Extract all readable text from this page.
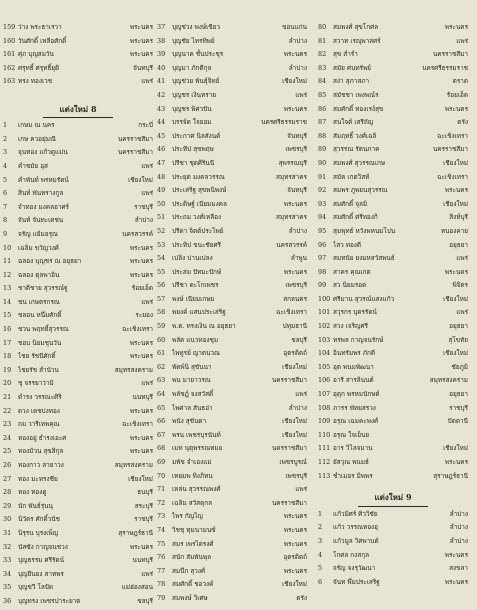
159 ว่าง พระธาเรวา	พระนคร
160 วันศักดิ์ เหลือศักดิ์	พระนคร
161 ศุภ บุญสมวัน	พระนคร
162 ศรุทธิ์ ศรุทธิ์ยุติ	จันทบุรี
163 ทรง ทองเวช	แพร่
แต่งใหม่ 8
1	เกษม ณ นคร	กระบี่
2	เกษ ควอยุ่มณี	นครราชสีมา
3	จุนทอง แก้วดูแม่น	นครราชสีมา
4	คำชมัย อุส	แพร่
5	คำพันท์ พรหมรัตน์	เชียงใหม่
6	สินท์ พันทรางกูล	แพร่
7	จำทอง มงคลอาศร์	ราชบุรี
8	จันท์ จันทะเดชน	ลำปาง
9	จรัญ แย้มอรุณ	นครสวรรค์
10	เฉลิม ขวัญวงศ์	พระนคร
11	ฉลอง บุญชร ณ อยุธยา	พระนคร
12	ฉลอง ตุลพาอิน	พระนคร
13	ชาติชาย สุวรรณ์ฐู	ร้อยเอ็ด
14	ชน เกษตรกรณ	แพร่
15	ชลอน หนึ่มศักดิ์	ระยอง
16	ชวน พฤทธิ์สุวรรณ	ฉะเชิงเทรา
17	ชอบ นิยมชุนวัน	พระนคร
18	ไชย รัชนีศักดิ์	พระนคร
19	ไชยรัช สำนัวน	สมุทรสงคราม
20	ชุ จรรยาว่ามิ	แพร่
21	ดำรง วรรณะศิริ	นนทบุรี
22	ดวง เดชบ่งทอง	พระนคร
23	ถม วารีเทพคุณ	ฉะเชิงเทรา
24	ทองอยู่ ธำรงเอะศ	พระนคร
25	ทองม้วน สุขสิกุล	พระนคร
26	ทองกาว สายาวง	สมุทรสงคราม
27	ทอง มะทรงชีย	เชียงใหม่
28	ทอง ทองดู	ธนบุรี
29	นัก พันธ์รุ่นนุ	สระบุรี
30	นิวัตร ศักดิ์วนัช	ราชบุรี
31	นิรุรน บุรงเพ็ญ	สุราษฎร์ธานี
32	นัสซัง กาญจนชวง	พระนคร
33	บุญธรรม ศรีรัตน์	นนทบุรี
34	บุญยืนยง สาทพร	แพร่
35	บุญชวี โลปัด	แม่ฮ่องสอน
36	บุญทรง เพชรปาระยาต	ชลบุรี
37	บุญช่วง พงษ์เขียว	ขอนแก่น
38	บุญชัย ไทรทิพย์	ลำปาง
39	บุญนาค ชั้นประชุร	พระนคร
40	บุญมา ภักดีกุล	ลำปาง
41	บุญช่วย พันธุ์จิทย์	เชียงใหม่
42	บุญชร เงินทราย	แพร่
43	บุญชร พิศวปัน	พระนคร
44	บรรจ์ด ใจยอม	นครศรีธรรมราช
45	ประกาศ นิลสังนต์	จันทบุรี
46	ประทีป สุขพฤษ	เพชรบุรี
47	ปรีชา ชุดศิรินนี	สุพรรณบุรี
48	ประยุต มงคลวรรณ	สมุทรสาคร
49	ประเสริฐ สุขพนิพงษ์	จันทบุรี
50	ประดิษฐ์ เนียมมงคล	พระนคร
51	ประถม วงศ์เหลือง	สมุทรสาคร
52	ปรีดา จิตต์ประไพย์	ลำปาง
53	ประทิป ขนะชัยศรี	นครสวรรค์
54	เปลิง ปานเปลง	ลำพูน
55	ประสม ปัทมะปักษ์	พระนคร
56	ปรีชา ตะโกเพชร	เพชรบุรี
57	พงษ์ เนียมเกษม	สกลนคร
58	พยงค์ แสนประเสริฐ	ฉะเชิงเทรา
59	พ.ต. ทรงเงิน ณ อยุธยา	ปทุมธานี
60	พลัด แนวทองชุม	ชลบุรี
61	ไพทูรย์ ญาตนวณ	อุตรดิตถ์
62	พัดพ์นิ สุขันนา	เชียงใหม่
63	พน มายาวรณ	นครราชสีมา
64	พลัชฎ์ จงสวัสดิ์	แพร่
65	ไพศาล สันธอ่า	ลำปาง
66	พนัง สุขันดา	เชียงใหม่
67	พรน เพชรบุรนันท์	เชียงใหม่
68	เมท นุตุพรรณทมย	นครราชสีมา
69	มพัช จำเองแม่	เพชรบูรณ์
70	เทยมพ ทิงภิทน	เพชรบุรี
71	เหล่น สุวรรณพงศ์	แพร่
72	เฉลิม สวัสดุกล	นครราชสีมา
73	ไพร กัญไญ	พระนคร
74	วิชชุ ทุมนามนซ์	พระนคร
75	สมร เพรไตรงศ์	พระนคร
76	สนัก สัมพันพุล	อุตรดิตถ์
77	สมนึก สุวงศ์	พระนคร
78	สมศักดิ์ ชอวงค์	เชียงใหม่
79	สมพงษ์ วิเศษ	ตรัง
80	สมพงศ์ สุขโกศล	พระนคร
81	สวาท เรญุพาสศร์	แพร่
82	สุข สำรำ	นครราชสีมา
83	สมัย ศนทรัพย์	นครศรีธรรมราช
84	สง่า สุภาสภา	ตราด
85	สมัชชา เพงพณ์ร	ร้อยเอ็ด
86	สมศักดิ์ ทองเรง์สุข	พระนคร
87	สนใจต์ เสรีถัญ	ตรัง
88	สัมฤทธิ์ วงศ์เฉลิ	ฉะเชิงเทรา
89	สุวรรณ รัตนภาค	นครราชสีมา
90	สมพงศ์ สุวรรณเกษ	เชียงใหม่
91	สมัค เกตวิสท์	ฉะเชิงเทรา
92	สมพร ภูพยนสุวรรณ	พระนคร
93	สมศักดิ์ จุลมิ	เชียงใหม่
94	สมศักดิ์ ศรีทองกิ	สิงห์บุรี
95	สุมพุทธ์ หวังพหนมโปน	หนองคาย
96	ไสว ทองดี	อยุธยา
97	สมทนัย ยงมหสวัสพนธ์	แพร่
98	สาคร คุณเกต	พระนคร
99	สว นิยมรอด	พิจิตร
100 ศรีมาน สุวรณ์แสงแก้ว	เชียงใหม่
101 สวุรกร บุตรรัตน์	แพร่
102 สวง เจริญศรี	อยุธยา
103 ทรพล กาญจนรักษ์	สุโขทัย
104 อินทรัมพร ภักดี	เชียงใหม่
105 อุด พนมพัฒนา	ชัยภูมิ
106 อารี สารลินนต์	สมุทรสงคราม
107 อุดุก พรหมนักษต์	อยุธยา
108 ภารร พัทยสรวง	ราชบุรี
109 อรุณ เฉมคะพงศ์	ปัตตานี
110 อรุณ ใจเย็นย
111 อาร วิไลจมาน	เชียงใหม่
112 ยัสวุณ พนมธ์	พระนคร
113 ชำเมอร มิพพร	สุราษฎร์ธานี
แต่งใหม่ 9
1	แก้วมิศร์ ศิววิชัย	ลำปาง
2	แก้ว วรรณทองอุ	ลำปาง
3	แก้วมูล วิศพานต์	ลำปาง
4	โกศล กงสกุล	พระนคร
5	จรัญ จงรุวัฒนา	สงขลา
6	จันท พึ่มประเสริฐ	พระนคร
